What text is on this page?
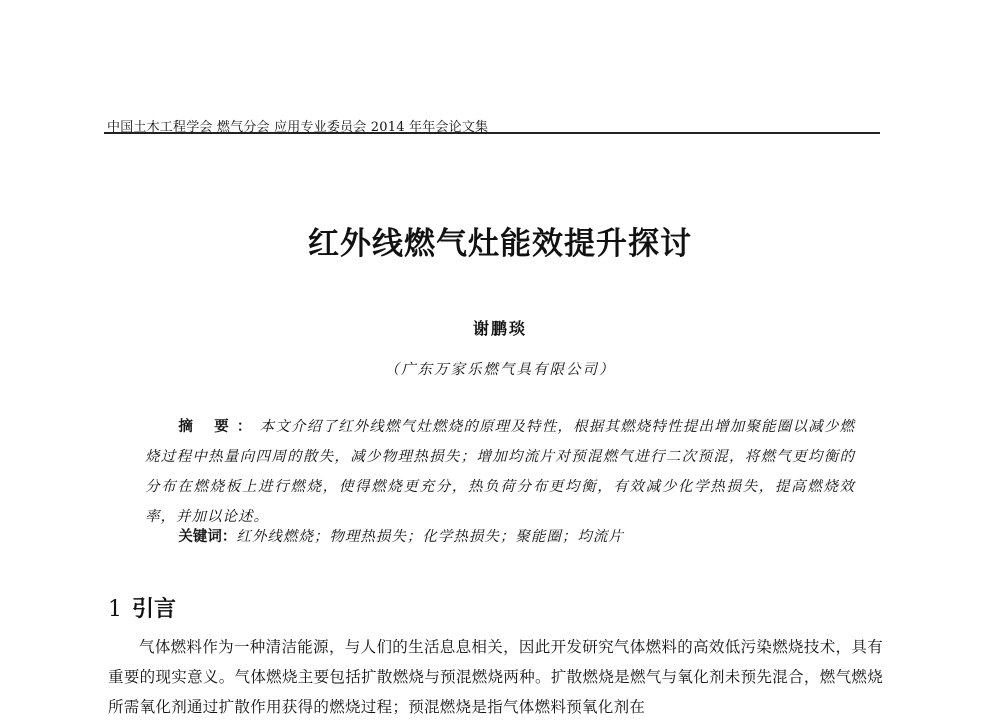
中国土木工程学会 燃气分会 应用专业委员会 2014 年年会论文集
红外线燃气灶能效提升探讨
谢鹏琰
（广东万家乐燃气具有限公司）
摘 要：本文介绍了红外线燃气灶燃烧的原理及特性，根据其燃烧特性提出增加聚能圈以减少燃烧过程中热量向四周的散失，减少物理热损失；增加均流片对预混燃气进行二次预混，将燃气更均衡的分布在燃烧板上进行燃烧，使得燃烧更充分，热负荷分布更均衡，有效减少化学热损失，提高燃烧效率，并加以论述。
关键词：红外线燃烧；物理热损失；化学热损失；聚能圈；均流片
1 引言
气体燃料作为一种清洁能源，与人们的生活息息相关，因此开发研究气体燃料的高效低污染燃烧技术，具有重要的现实意义。气体燃烧主要包括扩散燃烧与预混燃烧两种。扩散燃烧是燃气与氧化剂未预先混合，燃气燃烧所需氧化剂通过扩散作用获得的燃烧过程；预混燃烧是指气体燃料预氧化剂在
